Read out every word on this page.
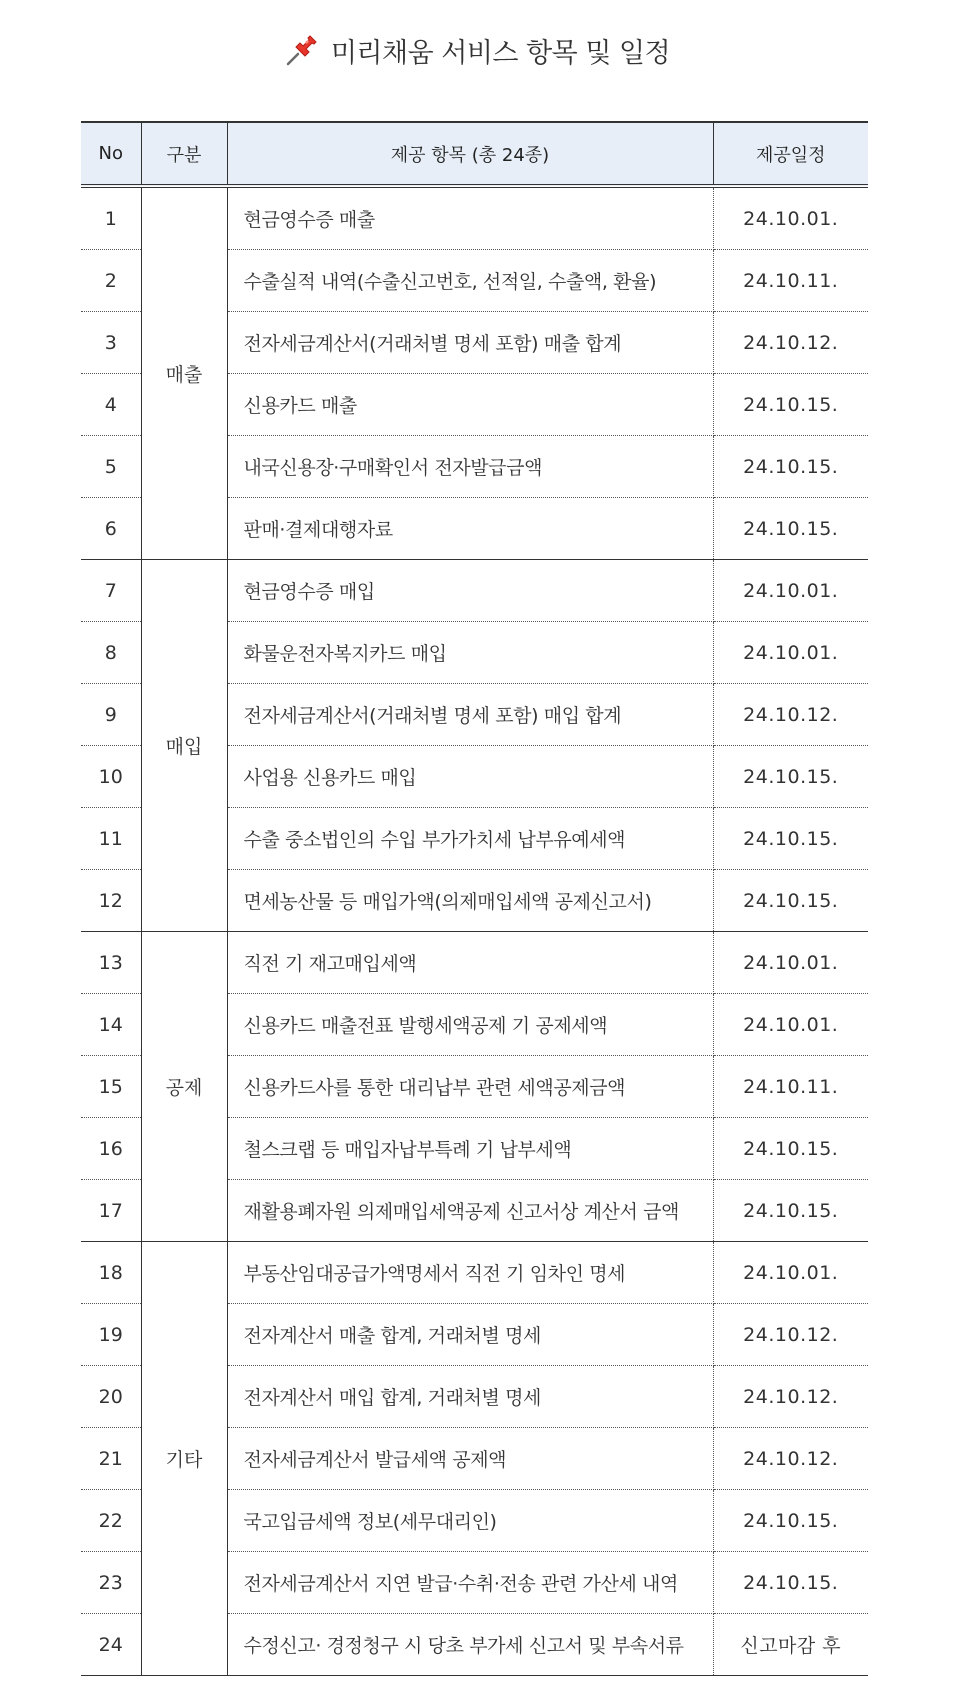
미리채움 서비스 항목 및 일정
No	구분	제공 항목 (총 24종)	제공일정
1	매출	현금영수증 매출	24.10.01.
2		수출실적 내역(수출신고번호, 선적일, 수출액, 환율)	24.10.11.
3		전자세금계산서(거래처별 명세 포함) 매출 합계	24.10.12.
4		신용카드 매출	24.10.15.
5		내국신용장·구매확인서 전자발급금액	24.10.15.
6		판매·결제대행자료	24.10.15.
7	매입	현금영수증 매입	24.10.01.
8		화물운전자복지카드 매입	24.10.01.
9		전자세금계산서(거래처별 명세 포함) 매입 합계	24.10.12.
10		사업용 신용카드 매입	24.10.15.
11		수출 중소법인의 수입 부가가치세 납부유예세액	24.10.15.
12		면세농산물 등 매입가액(의제매입세액 공제신고서)	24.10.15.
13	공제	직전 기 재고매입세액	24.10.01.
14		신용카드 매출전표 발행세액공제 기 공제세액	24.10.01.
15		신용카드사를 통한 대리납부 관련 세액공제금액	24.10.11.
16		철스크랩 등 매입자납부특례 기 납부세액	24.10.15.
17		재활용폐자원 의제매입세액공제 신고서상 계산서 금액	24.10.15.
18	기타	부동산임대공급가액명세서 직전 기 임차인 명세	24.10.01.
19		전자계산서 매출 합계, 거래처별 명세	24.10.12.
20		전자계산서 매입 합계, 거래처별 명세	24.10.12.
21		전자세금계산서 발급세액 공제액	24.10.12.
22		국고입금세액 정보(세무대리인)	24.10.15.
23		전자세금계산서 지연 발급·수취·전송 관련 가산세 내역	24.10.15.
24		수정신고· 경정청구 시 당초 부가세 신고서 및 부속서류	신고마감 후
